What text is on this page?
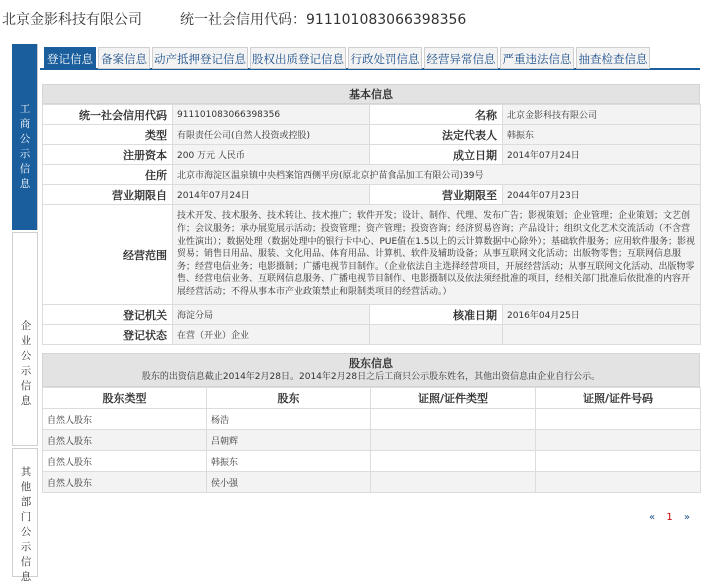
北京金影科技有限公司	统一社会信用代码：911101083066398356
工
商
公
示
信
息
企
业
公
示
信
息
其
他
部
门
公
示
信
息
登记信息 备案信息 动产抵押登记信息 股权出质登记信息 行政处罚信息 经营异常信息 严重违法信息 抽查检查信息
基本信息
统一社会信用代码	911101083066398356	名称	北京金影科技有限公司
类型	有限责任公司(自然人投资或控股)	法定代表人	韩振东
注册资本	200 万元 人民币	成立日期	2014年07月24日
住所	北京市海淀区温泉镇中央档案馆西侧平房(原北京护苗食品加工有限公司)39号		
营业期限自	2014年07月24日	营业期限至	2044年07月23日
经营范围	技术开发、技术服务、技术转让、技术推广；软件开发；设计、制作、代理、发布广告；影视策划；企业管理；企业策划；文艺创作；会议服务；承办展览展示活动；投资管理；资产管理；投资咨询；经济贸易咨询；产品设计；组织文化艺术交流活动（不含营业性演出）；数据处理（数据处理中的银行卡中心、PUE值在1.5以上的云计算数据中心除外）；基础软件服务；应用软件服务；影视贸易；销售日用品、服装、文化用品、体育用品、计算机、软件及辅助设备；从事互联网文化活动；出版物零售；互联网信息服务；经营电信业务；电影摄制；广播电视节目制作。（企业依法自主选择经营项目，开展经营活动；从事互联网文化活动、出版物零售、经营电信业务、互联网信息服务、广播电视节目制作、电影摄制以及依法须经批准的项目，经相关部门批准后依批准的内容开展经营活动；不得从事本市产业政策禁止和限制类项目的经营活动。）		
登记机关	海淀分局	核准日期	2016年04月25日
登记状态	在营（开业）企业		
股东信息
股东的出资信息截止2014年2月28日。2014年2月28日之后工商只公示股东姓名，其他出资信息由企业自行公示。
股东类型	股东	证照/证件类型	证照/证件号码
自然人股东	杨浩		
自然人股东	吕朝辉		
自然人股东	韩振东		
自然人股东	侯小强		
« 1 »
